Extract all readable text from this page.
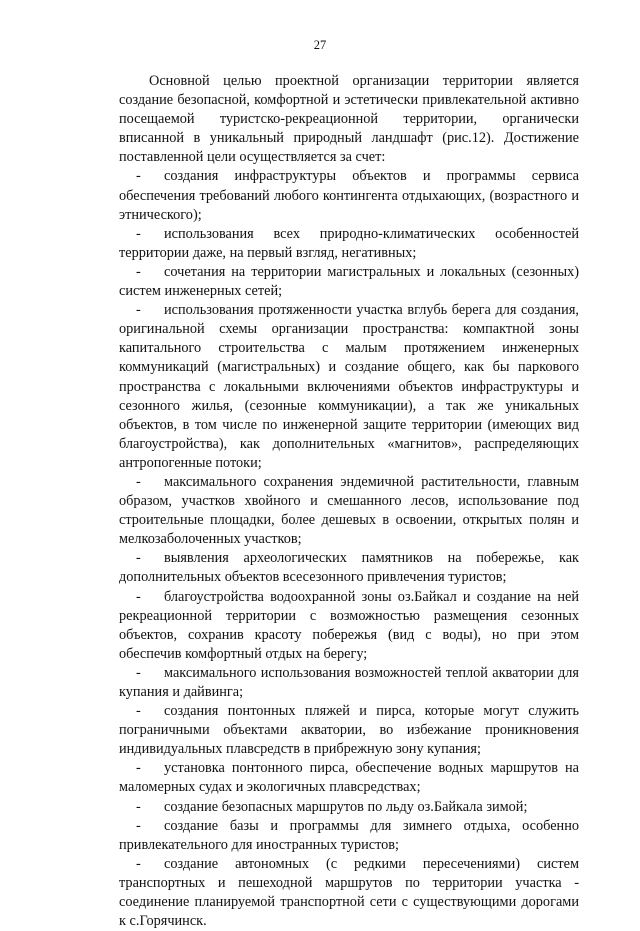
27

Основной целью проектной организации территории является создание безопасной, комфортной и эстетически привлекательной активно посещаемой туристско-рекреационной территории, органически вписанной в уникальный природный ландшафт (рис.12). Достижение поставленной цели осуществляется за счет:

- создания инфраструктуры объектов и программы сервиса обеспечения требований любого контингента отдыхающих, (возрастного и этнического);

- использования всех природно-климатических особенностей территории даже, на первый взгляд, негативных;

- сочетания на территории магистральных и локальных (сезонных) систем инженерных сетей;

- использования протяженности участка вглубь берега для создания, оригинальной схемы организации пространства: компактной зоны капитального строительства с малым протяжением инженерных коммуникаций (магистральных) и создание общего, как бы паркового пространства с локальными включениями объектов инфраструктуры и сезонного жилья, (сезонные коммуникации), а так же уникальных объектов, в том числе по инженерной защите территории (имеющих вид благоустройства), как дополнительных «магнитов», распределяющих антропогенные потоки;

- максимального сохранения эндемичной растительности, главным образом, участков хвойного и смешанного лесов, использование под строительные площадки, более дешевых в освоении, открытых полян и мелкозаболоченных участков;

- выявления археологических памятников на побережье, как дополнительных объектов всесезонного привлечения туристов;

- благоустройства водоохранной зоны оз.Байкал и создание на ней рекреационной территории с возможностью размещения сезонных объектов, сохранив красоту побережья (вид с воды), но при этом обеспечив комфортный отдых на берегу;

- максимального использования возможностей теплой акватории для купания и дайвинга;

- создания понтонных пляжей и пирса, которые могут служить пограничными объектами акватории, во избежание проникновения индивидуальных плавсредств в прибрежную зону купания;

- установка понтонного пирса, обеспечение водных маршрутов на маломерных судах и экологичных плавсредствах;

- создание безопасных маршрутов по льду оз.Байкала зимой;

- создание базы и программы для зимнего отдыха, особенно привлекательного для иностранных туристов;

- создание автономных (с редкими пересечениями) систем транспортных и пешеходной маршрутов по территории участка - соединение планируемой транспортной сети с существующими дорогами к с.Горячинск.
